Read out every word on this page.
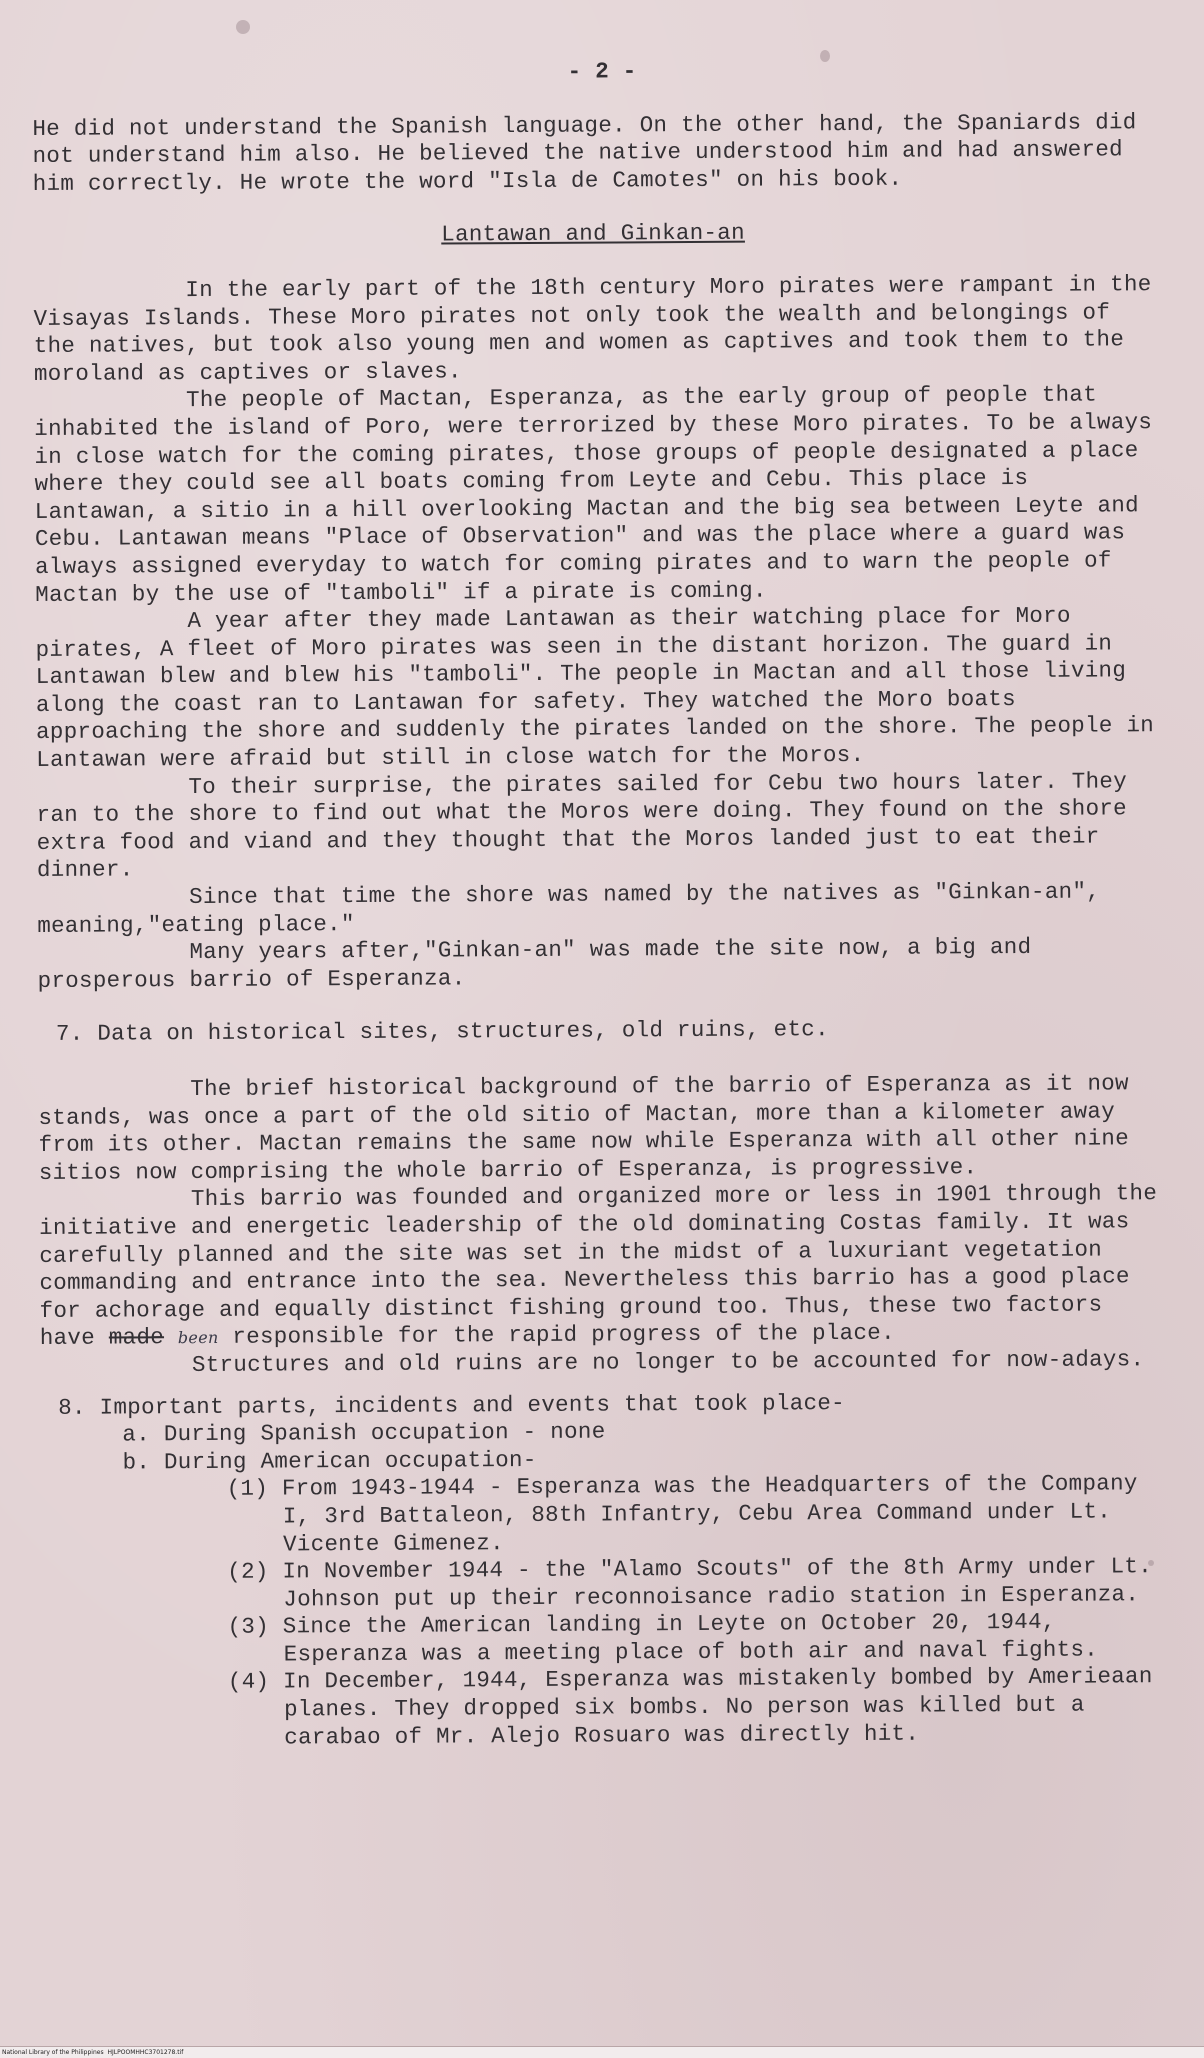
- 2 -

He did not understand the Spanish language. On the other hand, the Spaniards did not understand him also. He believed the native understood him and had answered him correctly. He wrote the word "Isla de Camotes" on his book.

Lantawan and Ginkan-an

In the early part of the 18th century Moro pirates were rampant in the Visayas Islands. These Moro pirates not only took the wealth and belongings of the natives, but took also young men and women as captives and took them to the moroland as captives or slaves.

The people of Mactan, Esperanza, as the early group of people that inhabited the island of Poro, were terrorized by these Moro pirates. To be always in close watch for the coming pirates, those groups of people designated a place where they could see all boats coming from Leyte and Cebu. This place is Lantawan, a sitio in a hill overlooking Mactan and the big sea between Leyte and Cebu. Lantawan means "Place of Observation" and was the place where a guard was always assigned everyday to watch for coming pirates and to warn the people of Mactan by the use of "tamboli" if a pirate is coming.

A year after they made Lantawan as their watching place for Moro pirates, A fleet of Moro pirates was seen in the distant horizon. The guard in Lantawan blew and blew his "tamboli". The people in Mactan and all those living along the coast ran to Lantawan for safety. They watched the Moro boats approaching the shore and suddenly the pirates landed on the shore. The people in Lantawan were afraid but still in close watch for the Moros.

To their surprise, the pirates sailed for Cebu two hours later. They ran to the shore to find out what the Moros were doing. They found on the shore extra food and viand and they thought that the Moros landed just to eat their dinner.

Since that time the shore was named by the natives as "Ginkan-an", meaning,"eating place."

Many years after,"Ginkan-an" was made the site now, a big and prosperous barrio of Esperanza.

7. Data on historical sites, structures, old ruins, etc.

The brief historical background of the barrio of Esperanza as it now stands, was once a part of the old sitio of Mactan, more than a kilometer away from its other. Mactan remains the same now while Esperanza with all other nine sitios now comprising the whole barrio of Esperanza, is progressive.

This barrio was founded and organized more or less in 1901 through the initiative and energetic leadership of the old dominating Costas family. It was carefully planned and the site was set in the midst of a luxuriant vegetation commanding and entrance into the sea. Nevertheless this barrio has a good place for achorage and equally distinct fishing ground too. Thus, these two factors have made been responsible for the rapid progress of the place.

Structures and old ruins are no longer to be accounted for now-adays.

8. Important parts, incidents and events that took place-

a. During Spanish occupation - none

b. During American occupation-

(1) From 1943-1944 - Esperanza was the Headquarters of the Company I, 3rd Battaleon, 88th Infantry, Cebu Area Command under Lt. Vicente Gimenez.

(2) In November 1944 - the "Alamo Scouts" of the 8th Army under Lt. Johnson put up their reconnoisance radio station in Esperanza.

(3) Since the American landing in Leyte on October 20, 1944, Esperanza was a meeting place of both air and naval fights.

(4) In December, 1944, Esperanza was mistakenly bombed by Amerieaan planes. They dropped six bombs. No person was killed but a carabao of Mr. Alejo Rosuaro was directly hit.

National Library of the Philippines HJLPOOMHHC3701278.tif
